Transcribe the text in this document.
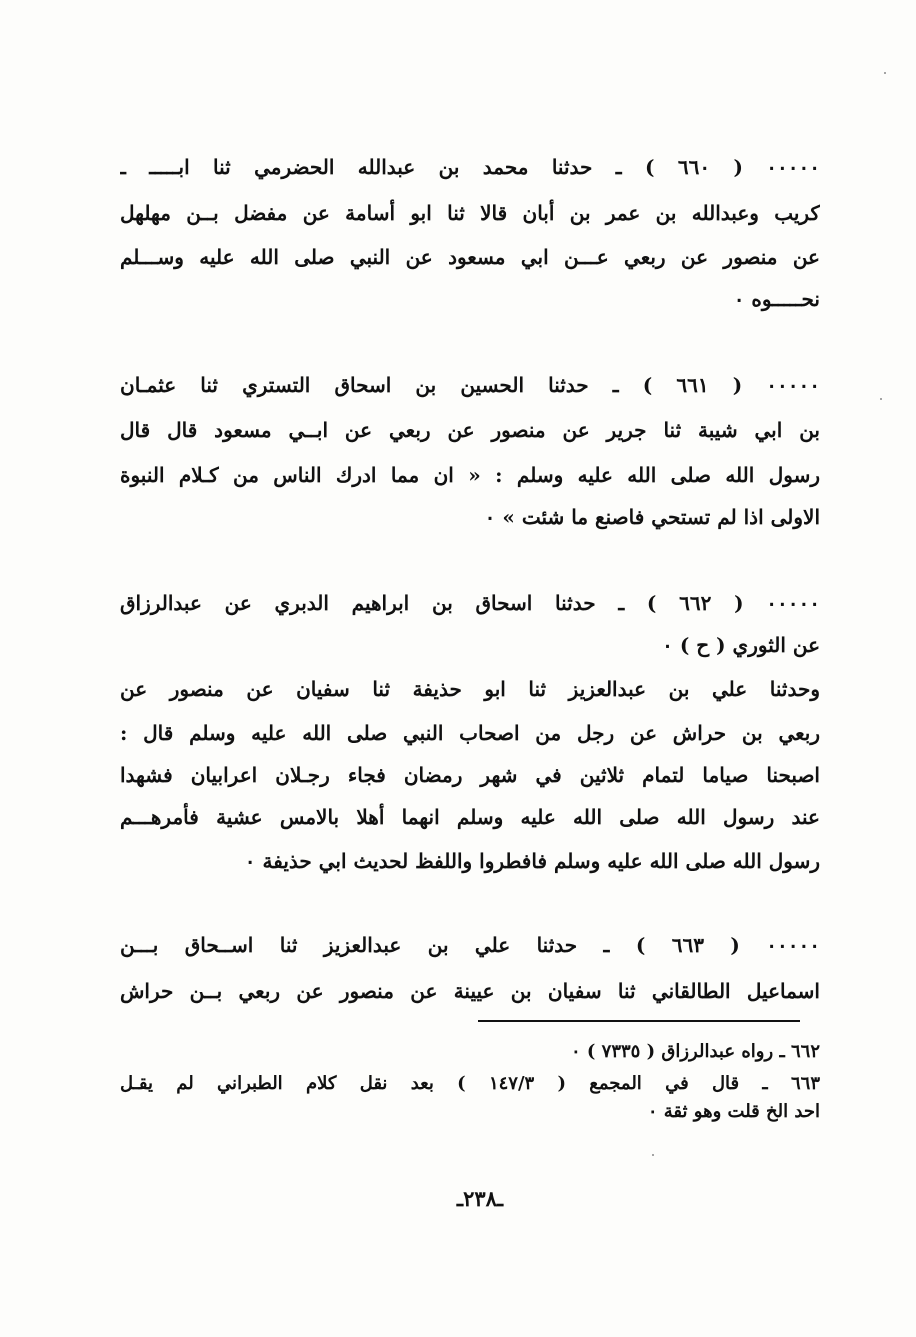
٠٠٠٠٠ ( ٦٦٠ ) ـ حدثنا محمد بن عبدالله الحضرمي ثنا ابـــــ ـ
كريب وعبدالله بن عمر بن أبان قالا ثنا ابو أسامة عن مفضل بــن مهلهل
عن منصور عن ربعي عـــن ابي مسعود عن النبي صلى الله عليه وســـلم
نحـــــوه ٠
٠٠٠٠٠ ( ٦٦١ ) ـ حدثنا الحسين بن اسحاق التستري ثنا عثمـان
بن ابي شيبة ثنا جرير عن منصور عن ربعي عن ابــي مسعود قال قال
رسول الله صلى الله عليه وسلم : « ان مما ادرك الناس من كـلام النبوة
الاولى اذا لم تستحي فاصنع ما شئت » ٠
٠٠٠٠٠ ( ٦٦٢ ) ـ حدثنا اسحاق بن ابراهيم الدبري عن عبدالرزاق
عن الثوري ( ح ) ٠
وحدثنا علي بن عبدالعزيز ثنا ابو حذيفة ثنا سفيان عن منصور عن
ربعي بن حراش عن رجل من اصحاب النبي صلى الله عليه وسلم قال :
اصبحنا صياما لتمام ثلاثين في شهر رمضان فجاء رجـلان اعرابيان فشهدا
عند رسول الله صلى الله عليه وسلم انهما أهلا بالامس عشية فأمرهـــم
رسول الله صلى الله عليه وسلم فافطروا واللفظ لحديث ابي حذيفة ٠
٠٠٠٠٠ ( ٦٦٣ ) ـ حدثنا علي بن عبدالعزيز ثنا اســحاق بـــن
اسماعيل الطالقاني ثنا سفيان بن عيينة عن منصور عن ربعي بــن حراش
٦٦٢ ـ رواه عبدالرزاق ( ٧٣٣٥ ) ٠
٦٦٣ ـ قال في المجمع ( ١٤٧/٣ ) بعد نقل كلام الطبراني لم يقـل
احد الخ قلت وهو ثقة ٠
ـ٢٣٨ـ
